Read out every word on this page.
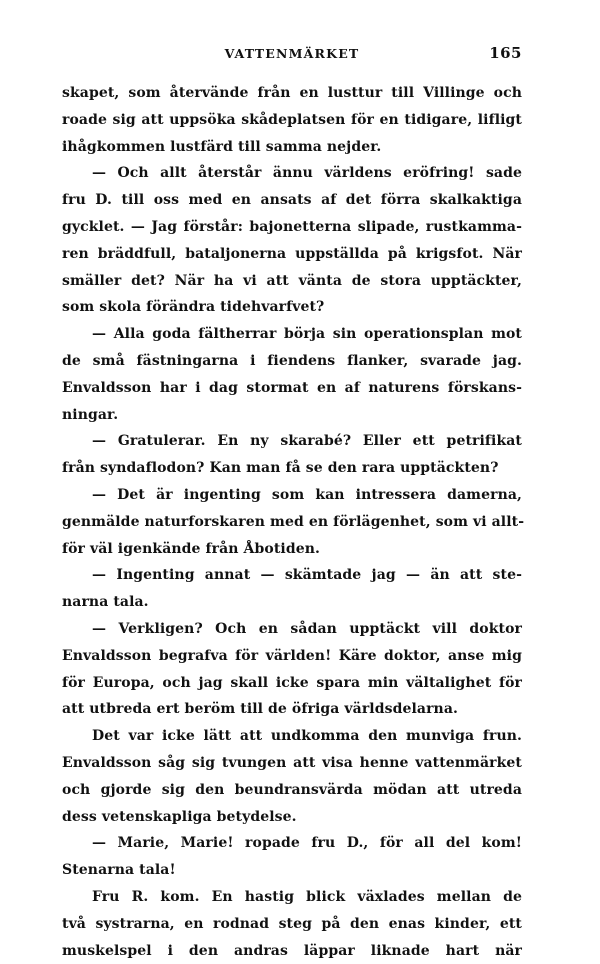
VATTENMÄRKET	165
skapet, som återvände från en lusttur till Villinge och
roade sig att uppsöka skådeplatsen för en tidigare, lifligt
ihågkommen lustfärd till samma nejder.
— Och allt återstår ännu världens eröfring! sade
fru D. till oss med en ansats af det förra skalkaktiga
gycklet. — Jag förstår: bajonetterna slipade, rustkamma-
ren bräddfull, bataljonerna uppställda på krigsfot. När
smäller det? När ha vi att vänta de stora upptäckter,
som skola förändra tidehvarfvet?
— Alla goda fältherrar börja sin operationsplan mot
de små fästningarna i fiendens flanker, svarade jag.
Envaldsson har i dag stormat en af naturens förskans-
ningar.
— Gratulerar. En ny skarabé? Eller ett petrifikat
från syndaflodon? Kan man få se den rara upptäckten?
— Det är ingenting som kan intressera damerna,
genmälde naturforskaren med en förlägenhet, som vi allt-
för väl igenkände från Åbotiden.
— Ingenting annat — skämtade jag — än att ste-
narna tala.
— Verkligen? Och en sådan upptäckt vill doktor
Envaldsson begrafva för världen! Käre doktor, anse mig
för Europa, och jag skall icke spara min vältalighet för
att utbreda ert beröm till de öfriga världsdelarna.
Det var icke lätt att undkomma den munviga frun.
Envaldsson såg sig tvungen att visa henne vattenmärket
och gjorde sig den beundransvärda mödan att utreda
dess vetenskapliga betydelse.
— Marie, Marie! ropade fru D., för all del kom!
Stenarna tala!
Fru R. kom. En hastig blick växlades mellan de
två systrarna, en rodnad steg på den enas kinder, ett
muskelspel i den andras läppar liknade hart när
